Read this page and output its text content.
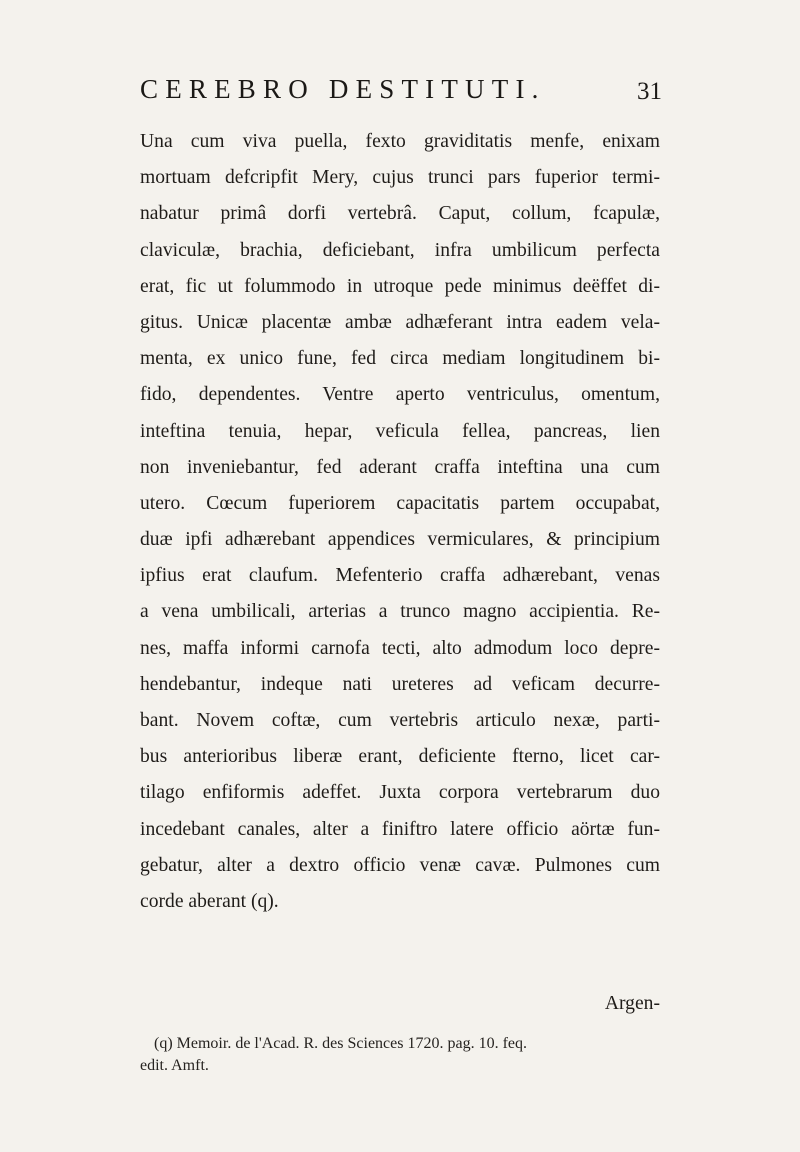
CEREBRO DESTITUTI.	31
Una cum viva puella, fexto graviditatis menfe, enixam
mortuam defcripfit Mery, cujus trunci pars fuperior termi-
nabatur primâ dorfi vertebrâ. Caput, collum, fcapulæ,
claviculæ, brachia, deficiebant, infra umbilicum perfecta
erat, fic ut folummodo in utroque pede minimus deëffet di-
gitus. Unicæ placentæ ambæ adhæferant intra eadem vela-
menta, ex unico fune, fed circa mediam longitudinem bi-
fido, dependentes. Ventre aperto ventriculus, omentum,
inteftina tenuia, hepar, veficula fellea, pancreas, lien
non inveniebantur, fed aderant craffa inteftina una cum
utero. Cœcum fuperiorem capacitatis partem occupabat,
duæ ipfi adhærebant appendices vermiculares, & principium
ipfius erat claufum. Mefenterio craffa adhærebant, venas
a vena umbilicali, arterias a trunco magno accipientia. Re-
nes, maffa informi carnofa tecti, alto admodum loco depre-
hendebantur, indeque nati ureteres ad veficam decurre-
bant. Novem coftæ, cum vertebris articulo nexæ, parti-
bus anterioribus liberæ erant, deficiente fterno, licet car-
tilago enfiformis adeffet. Juxta corpora vertebrarum duo
incedebant canales, alter a finiftro latere officio aörtæ fun-
gebatur, alter a dextro officio venæ cavæ. Pulmones cum
corde aberant (q).
Argen-
(q) Memoir. de l'Acad. R. des Sciences 1720. pag. 10. feq.
edit. Amft.
